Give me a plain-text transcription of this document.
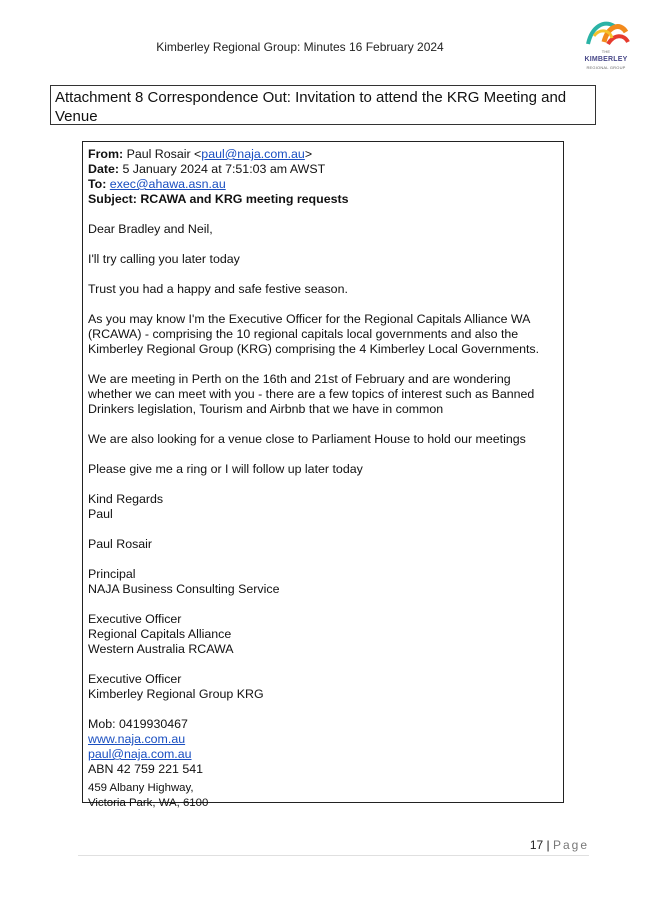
Kimberley Regional Group: Minutes 16 February 2024	THE
KIMBERLEY
REGIONAL GROUP
Attachment 8 Correspondence Out: Invitation to attend the KRG Meeting and Venue
From: Paul Rosair <paul@naja.com.au>
Date: 5 January 2024 at 7:51:03 am AWST
To: exec@ahawa.asn.au
Subject: RCAWA and KRG meeting requests
Dear Bradley and Neil,
I'll try calling you later today
Trust you had a happy and safe festive season.
As you may know I'm the Executive Officer for the Regional Capitals Alliance WA
(RCAWA) - comprising the 10 regional capitals local governments and also the
Kimberley Regional Group (KRG) comprising the 4 Kimberley Local Governments.
We are meeting in Perth on the 16th and 21st of February and are wondering
whether we can meet with you - there are a few topics of interest such as Banned
Drinkers legislation, Tourism and Airbnb that we have in common
We are also looking for a venue close to Parliament House to hold our meetings
Please give me a ring or I will follow up later today
Kind Regards
Paul
Paul Rosair
Principal
NAJA Business Consulting Service
Executive Officer
Regional Capitals Alliance
Western Australia RCAWA
Executive Officer
Kimberley Regional Group KRG
Mob: 0419930467
www.naja.com.au
paul@naja.com.au
ABN 42 759 221 541
459 Albany Highway,
Victoria Park, WA, 6100
17 | Page
